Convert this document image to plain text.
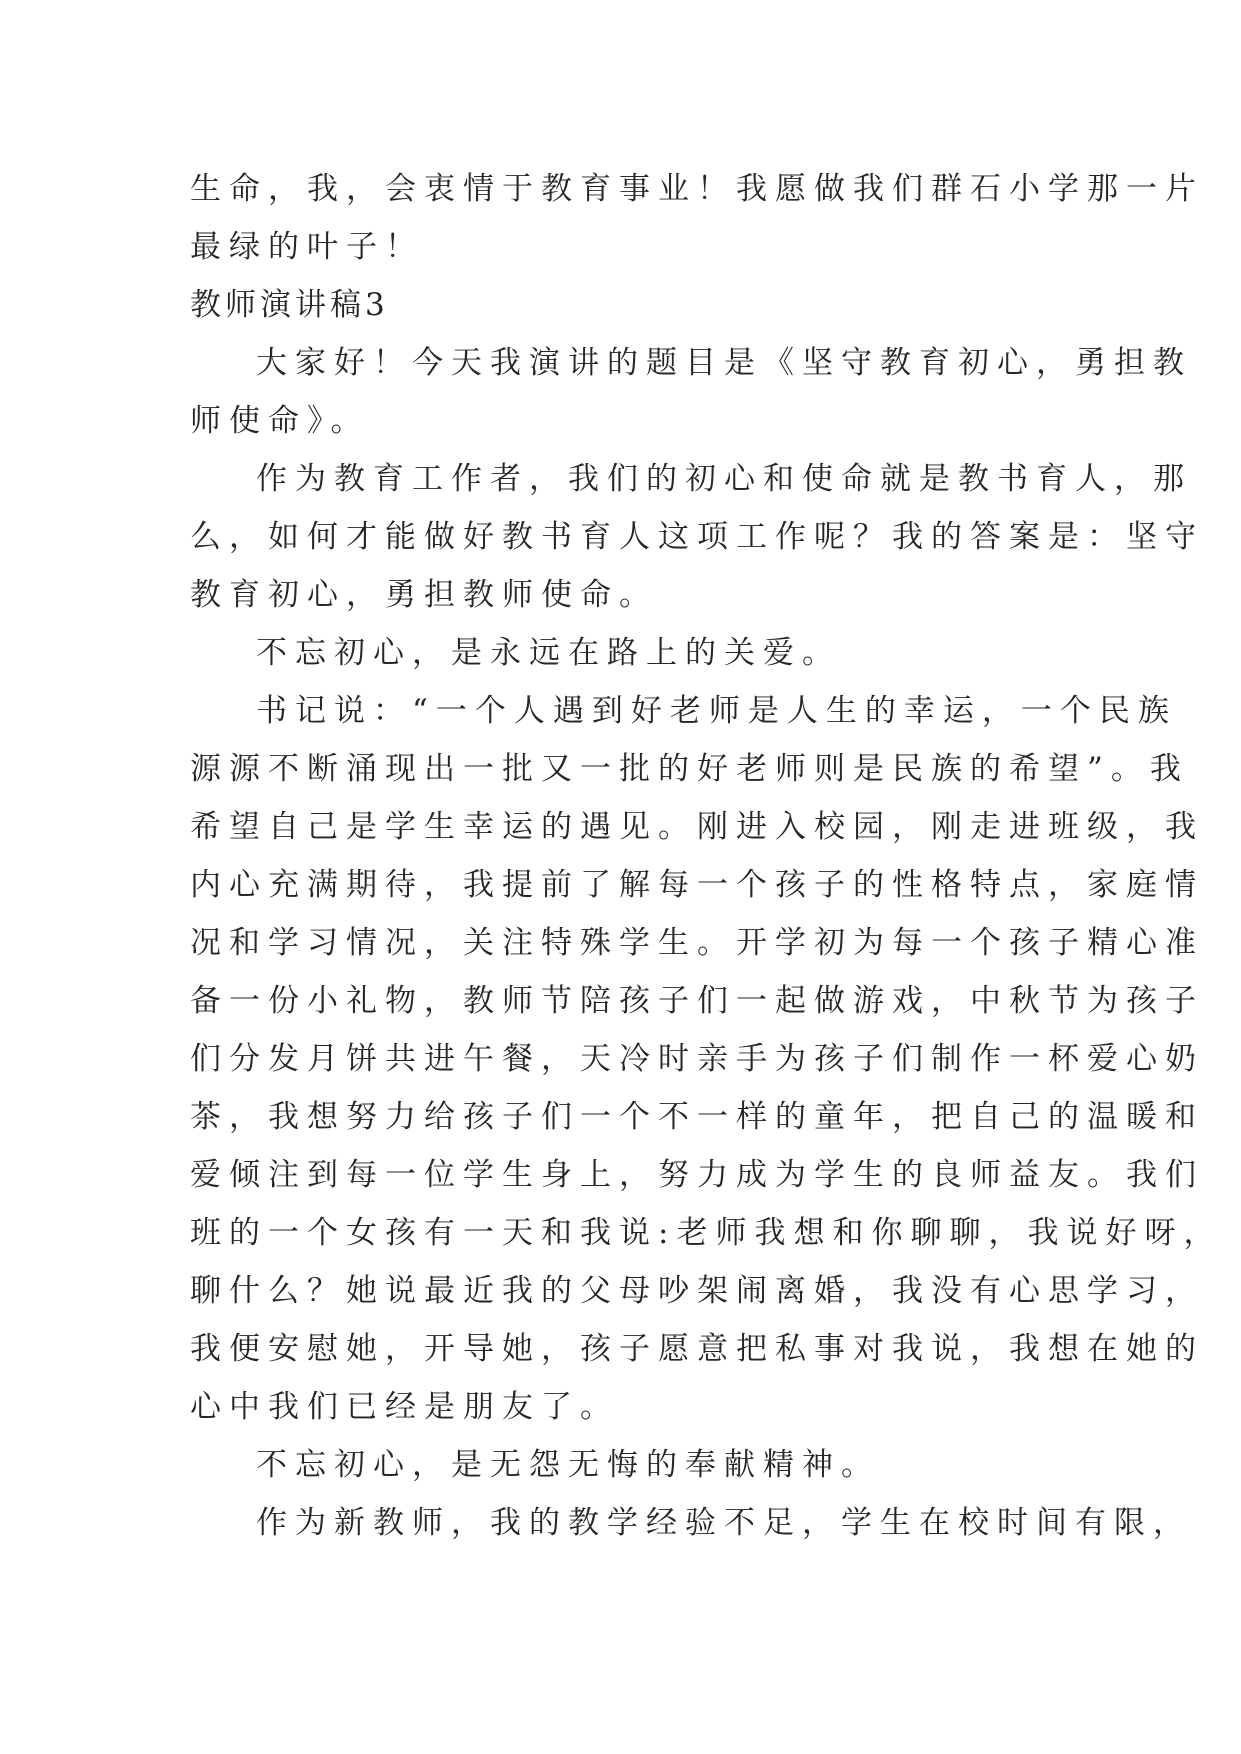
生命，我，会衷情于教育事业！我愿做我们群石小学那一片
最绿的叶子！
教师演讲稿3
大家好！今天我演讲的题目是《坚守教育初心，勇担教
师使命》。
作为教育工作者，我们的初心和使命就是教书育人，那
么，如何才能做好教书育人这项工作呢？我的答案是：坚守
教育初心，勇担教师使命。
不忘初心，是永远在路上的关爱。
书记说：“一个人遇到好老师是人生的幸运，一个民族
源源不断涌现出一批又一批的好老师则是民族的希望”。我
希望自己是学生幸运的遇见。刚进入校园，刚走进班级，我
内心充满期待，我提前了解每一个孩子的性格特点，家庭情
况和学习情况，关注特殊学生。开学初为每一个孩子精心准
备一份小礼物，教师节陪孩子们一起做游戏，中秋节为孩子
们分发月饼共进午餐，天冷时亲手为孩子们制作一杯爱心奶
茶，我想努力给孩子们一个不一样的童年，把自己的温暖和
爱倾注到每一位学生身上，努力成为学生的良师益友。我们
班的一个女孩有一天和我说:老师我想和你聊聊，我说好呀，
聊什么？她说最近我的父母吵架闹离婚，我没有心思学习，
我便安慰她，开导她，孩子愿意把私事对我说，我想在她的
心中我们已经是朋友了。
不忘初心，是无怨无悔的奉献精神。
作为新教师，我的教学经验不足，学生在校时间有限，
